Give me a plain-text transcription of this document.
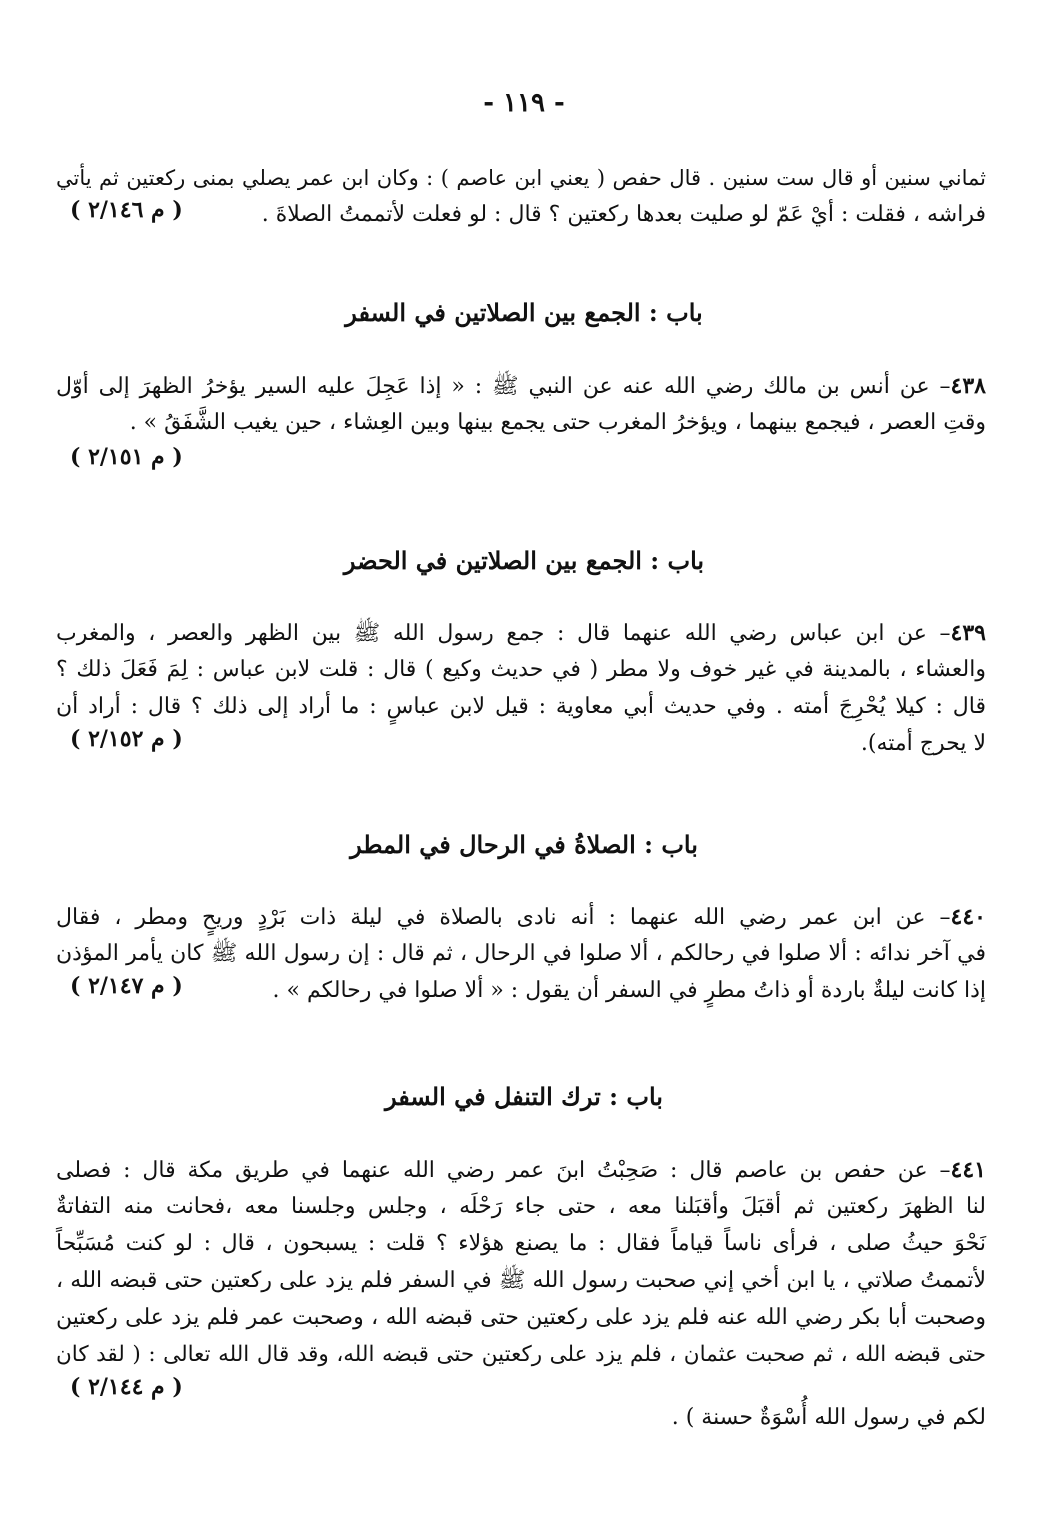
- ١١٩ -
ثماني سنين أو قال ست سنين . قال حفص ( يعني ابن عاصم ) : وكان ابن عمر يصلي بمنى ركعتين ثم يأتي
فراشه ، فقلت : أيْ عَمّ لو صليت بعدها ركعتين ؟ قال : لو فعلت لأتممتُ الصلاةَ .
( م ٢/١٤٦ )
باب : الجمع بين الصلاتين في السفر
٤٣٨– عن أنس بن مالك رضي الله عنه عن النبي ﷺ : « إذا عَجِلَ عليه السير يؤخرُ الظهرَ إلى أوّل
وقتِ العصر ، فيجمع بينهما ، ويؤخرُ المغرب حتى يجمع بينها وبين العِشاء ، حين يغيب الشَّفَقُ » .
( م ٢/١٥١ )
باب : الجمع بين الصلاتين في الحضر
٤٣٩– عن ابن عباس رضي الله عنهما قال : جمع رسول الله ﷺ بين الظهر والعصر ، والمغرب
والعشاء ، بالمدينة في غير خوف ولا مطر ( في حديث وكيع ) قال : قلت لابن عباس : لِمَ فَعَلَ ذلك ؟
قال : كيلا يُحْرِجَ أمته . وفي حديث أبي معاوية : قيل لابن عباسٍ : ما أراد إلى ذلك ؟ قال : أراد أن
لا يحرج أمته).
( م ٢/١٥٢ )
باب : الصلاةُ في الرحال في المطر
٤٤٠– عن ابن عمر رضي الله عنهما : أنه نادى بالصلاة في ليلة ذات بَرْدٍ وريحٍ ومطر ، فقال
في آخر ندائه : ألا صلوا في رحالكم ، ألا صلوا في الرحال ، ثم قال : إن رسول الله ﷺ كان يأمر المؤذن
إذا كانت ليلةٌ باردة أو ذاتُ مطرٍ في السفر أن يقول : « ألا صلوا في رحالكم » .
( م ٢/١٤٧ )
باب : ترك التنفل في السفر
٤٤١– عن حفص بن عاصم قال : صَحِبْتُ ابنَ عمر رضي الله عنهما في طريق مكة قال : فصلى
لنا الظهرَ ركعتين ثم أقبَلَ وأقبَلنا معه ، حتى جاء رَحْلَه ، وجلس وجلسنا معه ،فحانت منه التفاتةٌ
نَحْوَ حيثُ صلى ، فرأى ناساً قياماً فقال : ما يصنع هؤلاء ؟ قلت : يسبحون ، قال : لو كنت مُسَبِّحاً
لأتممتُ صلاتي ، يا ابن أخي إني صحبت رسول الله ﷺ في السفر فلم يزد على ركعتين حتى قبضه الله ،
وصحبت أبا بكر رضي الله عنه فلم يزد على ركعتين حتى قبضه الله ، وصحبت عمر فلم يزد على ركعتين
حتى قبضه الله ، ثم صحبت عثمان ، فلم يزد على ركعتين حتى قبضه الله، وقد قال الله تعالى : ( لقد كان
لكم في رسول الله أُسْوَةٌ حسنة ) .
( م ٢/١٤٤ )
